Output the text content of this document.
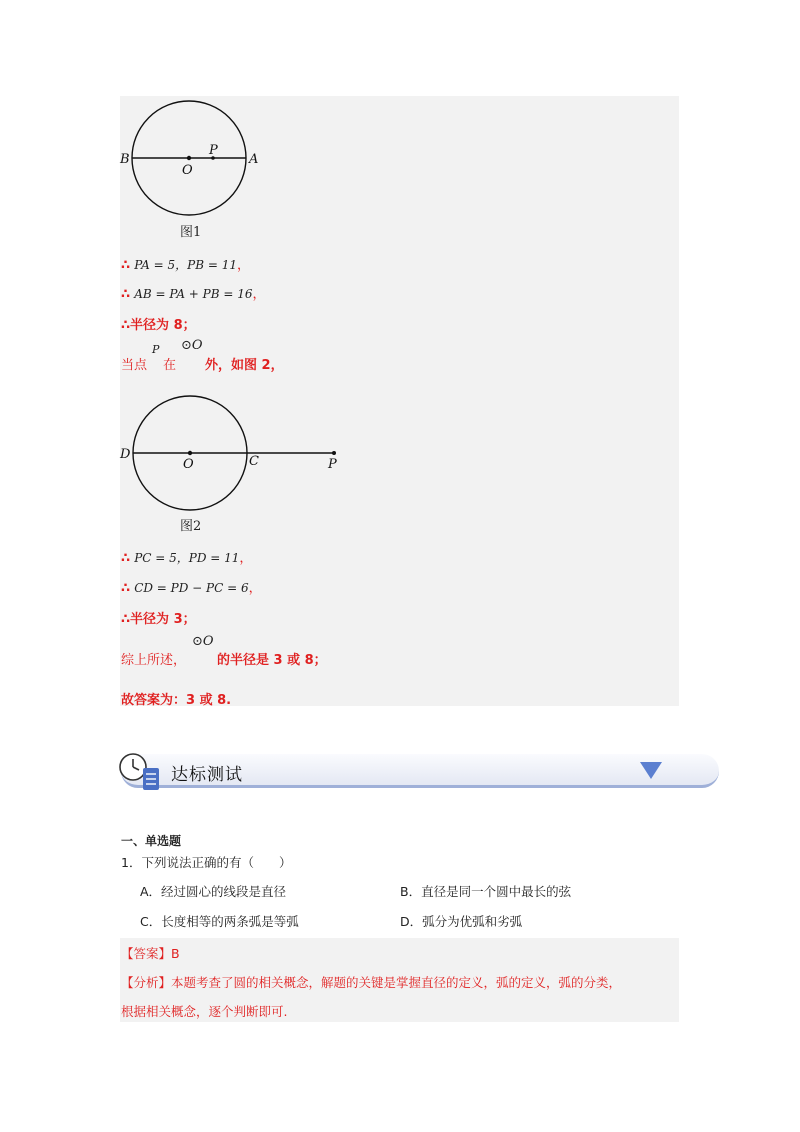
B
O
P
A
图1
∴ PA = 5，PB = 11，
∴ AB = PA + PB = 16，
∴半径为 8；
当点
P
在
⊙O
外，如图 2，
D
O	C	P
图2
∴ PC = 5，PD = 11，
∴ CD = PD − PC = 6，
∴半径为 3；
综上所述，
⊙O
的半径是 3 或 8；
故答案为：3 或 8.
达标测试
一、单选题
1．下列说法正确的有（　　）
A．经过圆心的线段是直径	B．直径是同一个圆中最长的弦
C．长度相等的两条弧是等弧	D．弧分为优弧和劣弧
【答案】B
【分析】本题考查了圆的相关概念，解题的关键是掌握直径的定义，弧的定义，弧的分类，
根据相关概念，逐个判断即可.
